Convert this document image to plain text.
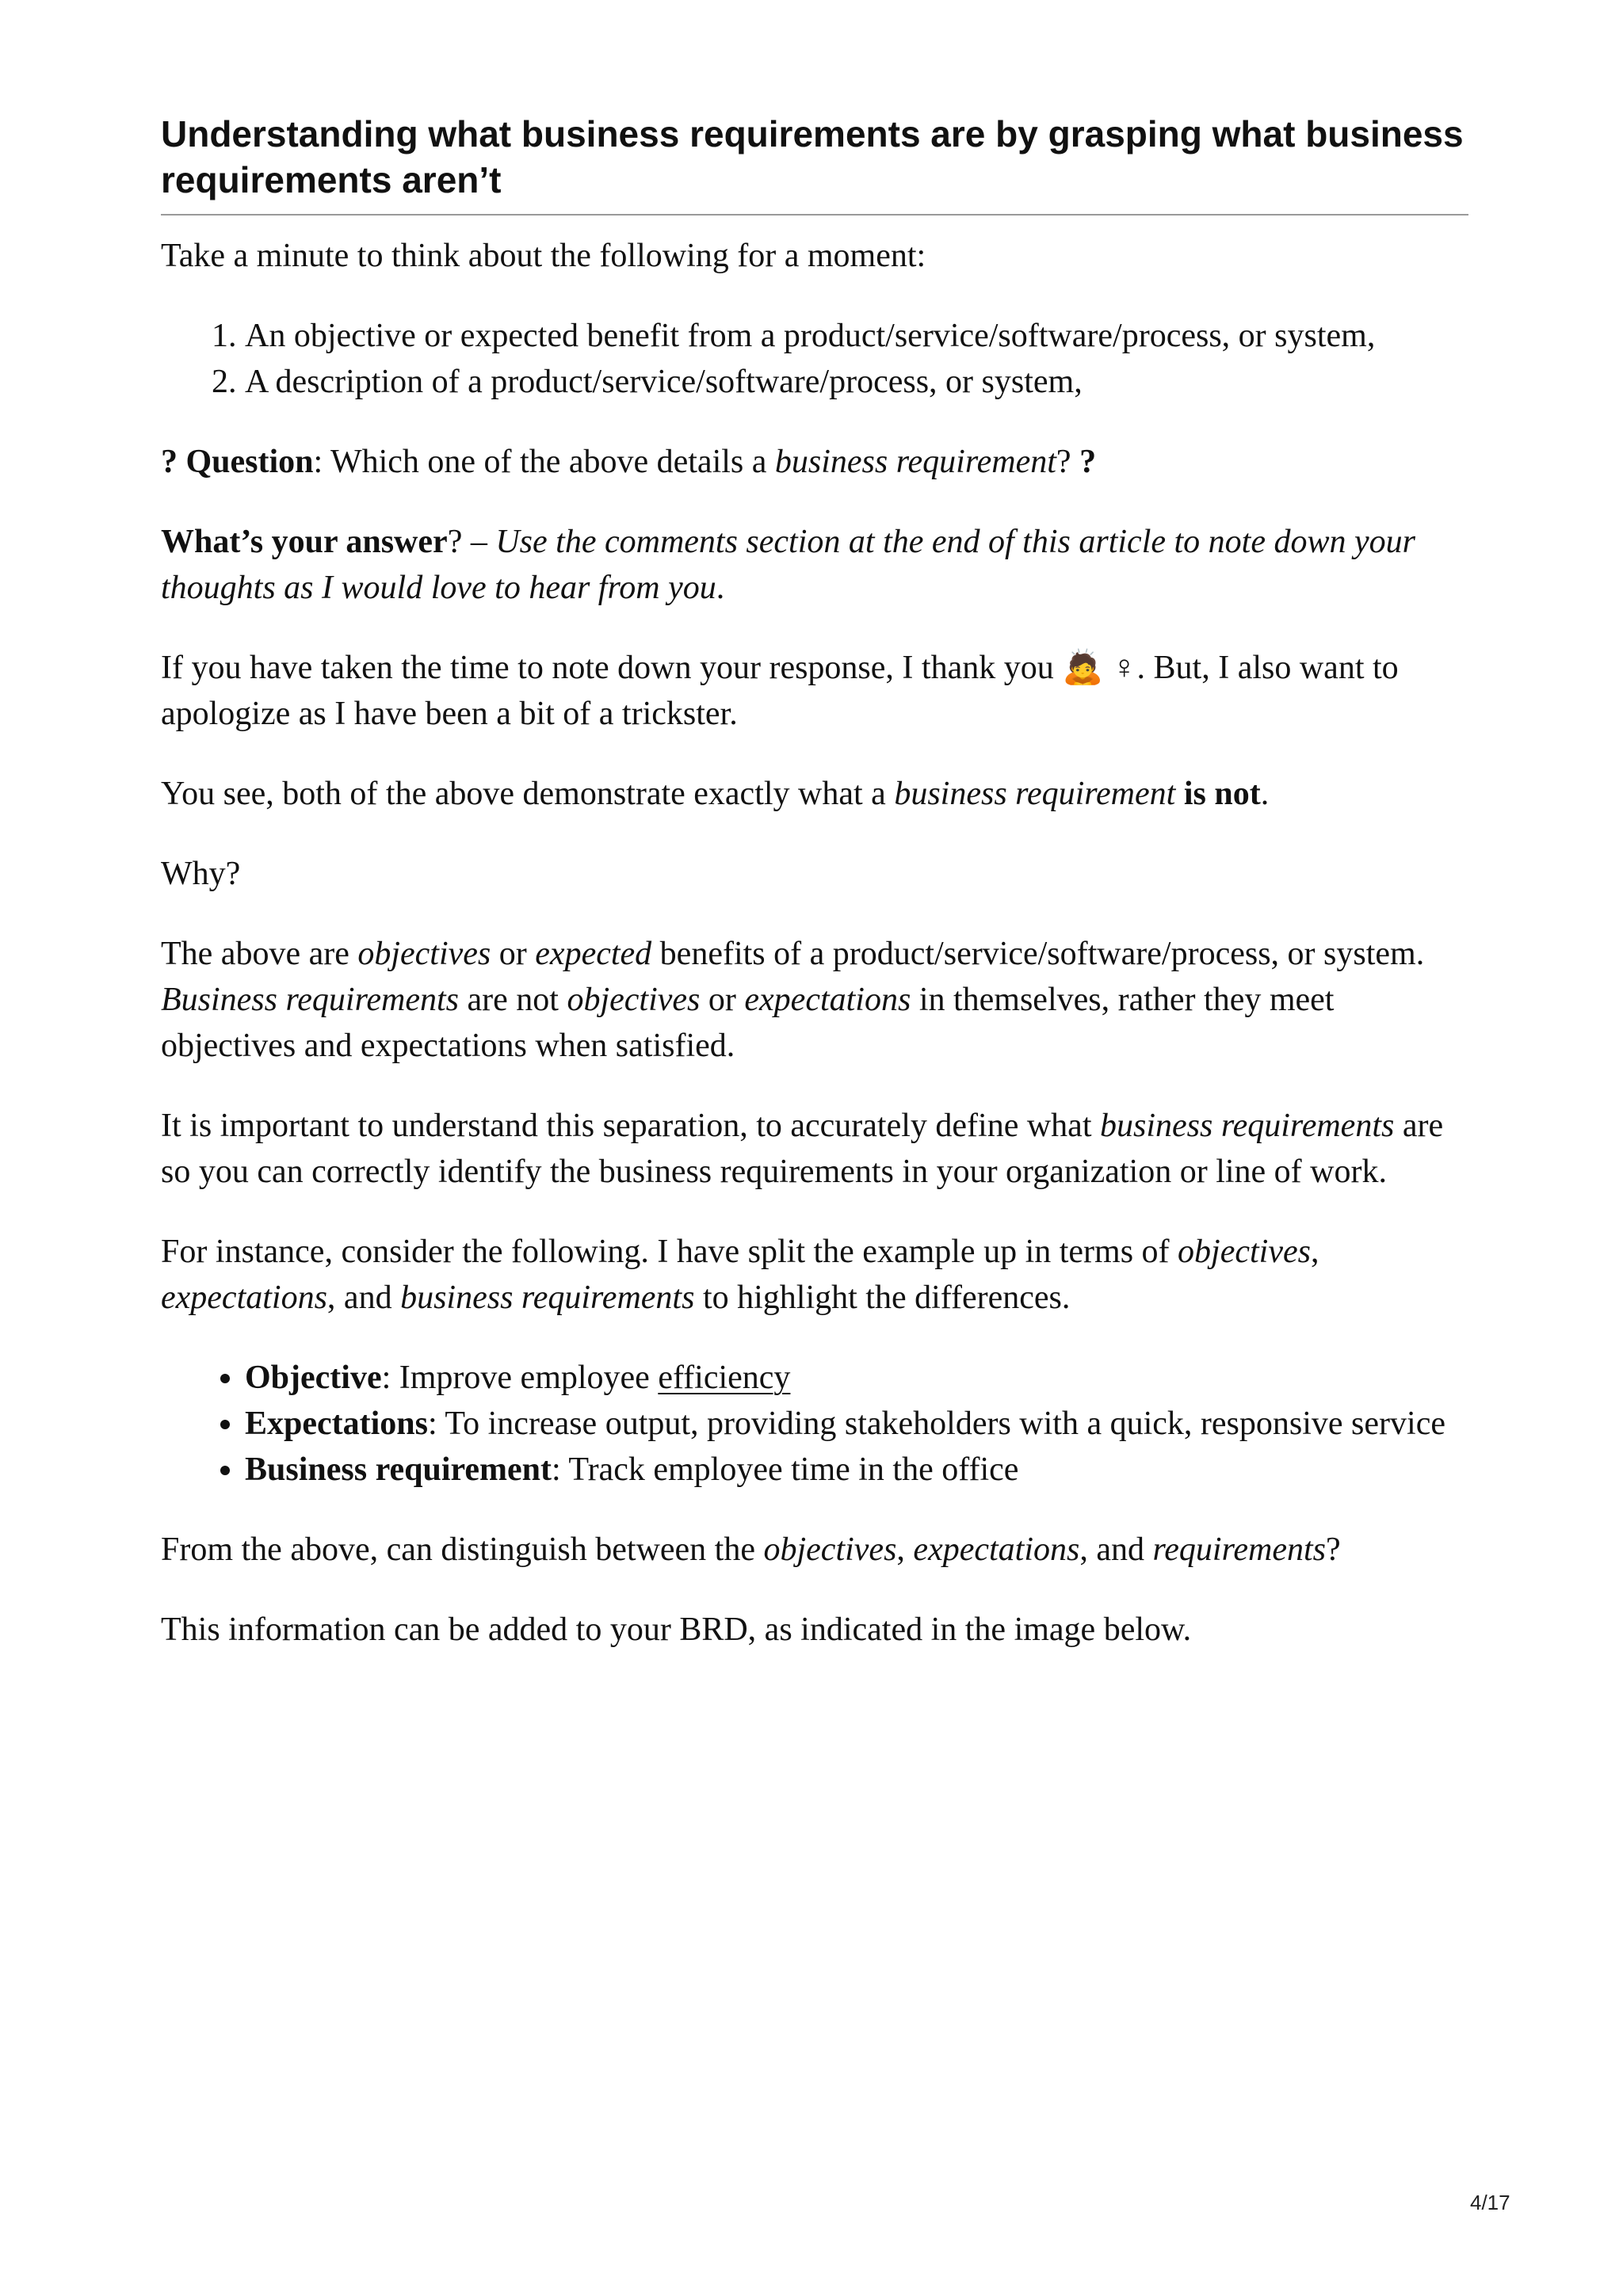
Understanding what business requirements are by grasping what business requirements aren’t

Take a minute to think about the following for a moment:

1. An objective or expected benefit from a product/service/software/process, or system,
2. A description of a product/service/software/process, or system,

? Question: Which one of the above details a business requirement? ?

What’s your answer? – Use the comments section at the end of this article to note down your thoughts as I would love to hear from you.

If you have taken the time to note down your response, I thank you 🙇 ♀. But, I also want to apologize as I have been a bit of a trickster.

You see, both of the above demonstrate exactly what a business requirement is not.

Why?

The above are objectives or expected benefits of a product/service/software/process, or system. Business requirements are not objectives or expectations in themselves, rather they meet objectives and expectations when satisfied.

It is important to understand this separation, to accurately define what business requirements are so you can correctly identify the business requirements in your organization or line of work.

For instance, consider the following. I have split the example up in terms of objectives, expectations, and business requirements to highlight the differences.

• Objective: Improve employee efficiency
• Expectations: To increase output, providing stakeholders with a quick, responsive service
• Business requirement: Track employee time in the office

From the above, can distinguish between the objectives, expectations, and requirements?

This information can be added to your BRD, as indicated in the image below.

4/17
